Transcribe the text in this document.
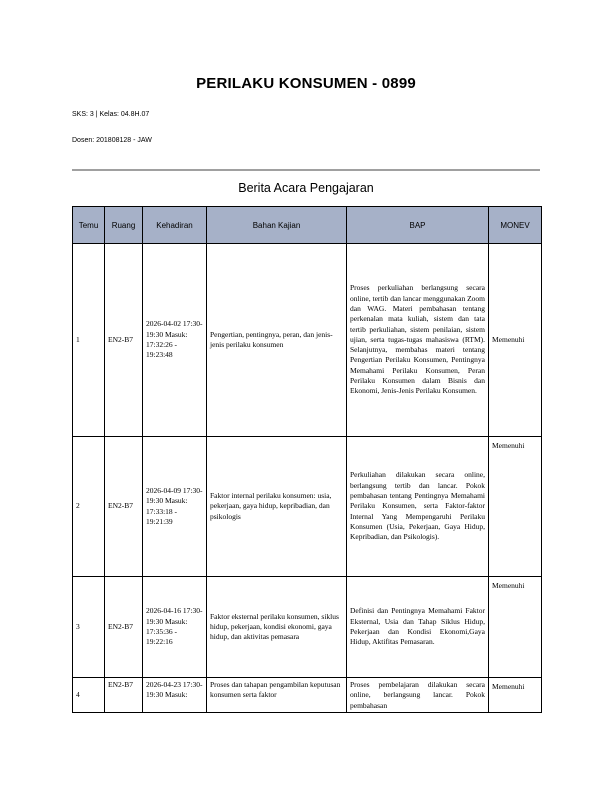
PERILAKU KONSUMEN - 0899
SKS: 3 | Kelas: 04.8H.07
Dosen: 201808128 - JAW
Berita Acara Pengajaran
Temu	Ruang	Kehadiran	Bahan Kajian	BAP	MONEV
1	EN2-B7	2026-04-02 17:30-19:30 Masuk: 17:32:26 - 19:23:48	Pengertian, pentingnya, peran, dan jenis-jenis perilaku konsumen	Proses perkuliahan berlangsung secara online, tertib dan lancar menggunakan Zoom dan WAG. Materi pembahasan tentang perkenalan mata kuliah, sistem dan tata tertib perkuliahan, sistem penilaian, sistem ujian, serta tugas-tugas mahasiswa (RTM). Selanjutnya, membahas materi tentang Pengertian Perilaku Konsumen, Pentingnya Memahami Perilaku Konsumen, Peran Perilaku Konsumen dalam Bisnis dan Ekonomi, Jenis-Jenis Perilaku Konsumen.	Memenuhi
2	EN2-B7	2026-04-09 17:30-19:30 Masuk: 17:33:18 - 19:21:39	Faktor internal perilaku konsumen: usia, pekerjaan, gaya hidup, kepribadian, dan psikologis	Perkuliahan dilakukan secara online, berlangsung tertib dan lancar. Pokok pembahasan tentang Pentingnya Memahami Perilaku Konsumen, serta Faktor-faktor Internal Yang Mempengaruhi Perilaku Konsumen (Usia, Pekerjaan, Gaya Hidup, Kepribadian, dan Psikologis).	Memenuhi
3	EN2-B7	2026-04-16 17:30-19:30 Masuk: 17:35:36 - 19:22:16	Faktor eksternal perilaku konsumen, siklus hidup, pekerjaan, kondisi ekonomi, gaya hidup, dan aktivitas pemasara	Definisi dan Pentingnya Memahami Faktor Eksternal, Usia dan Tahap Siklus Hidup, Pekerjaan dan Kondisi Ekonomi,Gaya Hidup, Aktifitas Pemasaran.	Memenuhi

4	EN2-B7	2026-04-23 17:30-19:30 Masuk:	Proses dan tahapan pengambilan keputusan konsumen serta faktor	Proses pembelajaran dilakukan secara online, berlangsung lancar. Pokok pembahasan	Memenuhi
